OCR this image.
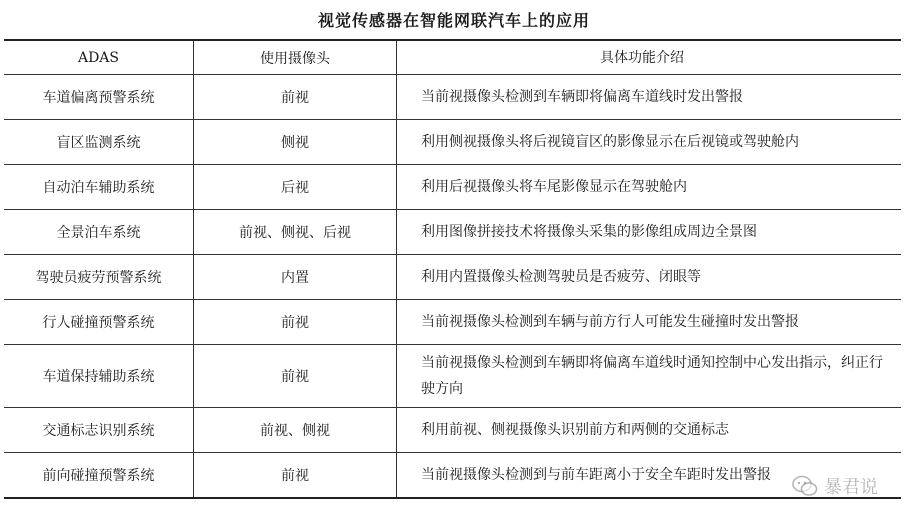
视觉传感器在智能网联汽车上的应用
ADAS	使用摄像头	具体功能介绍
车道偏离预警系统	前视	当前视摄像头检测到车辆即将偏离车道线时发出警报
盲区监测系统	侧视	利用侧视摄像头将后视镜盲区的影像显示在后视镜或驾驶舱内
自动泊车辅助系统	后视	利用后视摄像头将车尾影像显示在驾驶舱内
全景泊车系统	前视、侧视、后视	利用图像拼接技术将摄像头采集的影像组成周边全景图
驾驶员疲劳预警系统	内置	利用内置摄像头检测驾驶员是否疲劳、闭眼等
行人碰撞预警系统	前视	当前视摄像头检测到车辆与前方行人可能发生碰撞时发出警报
车道保持辅助系统	前视	当前视摄像头检测到车辆即将偏离车道线时通知控制中心发出指示，纠正行驶方向
交通标志识别系统	前视、侧视	利用前视、侧视摄像头识别前方和两侧的交通标志
前向碰撞预警系统	前视	当前视摄像头检测到与前车距离小于安全车距时发出警报
暴君说
